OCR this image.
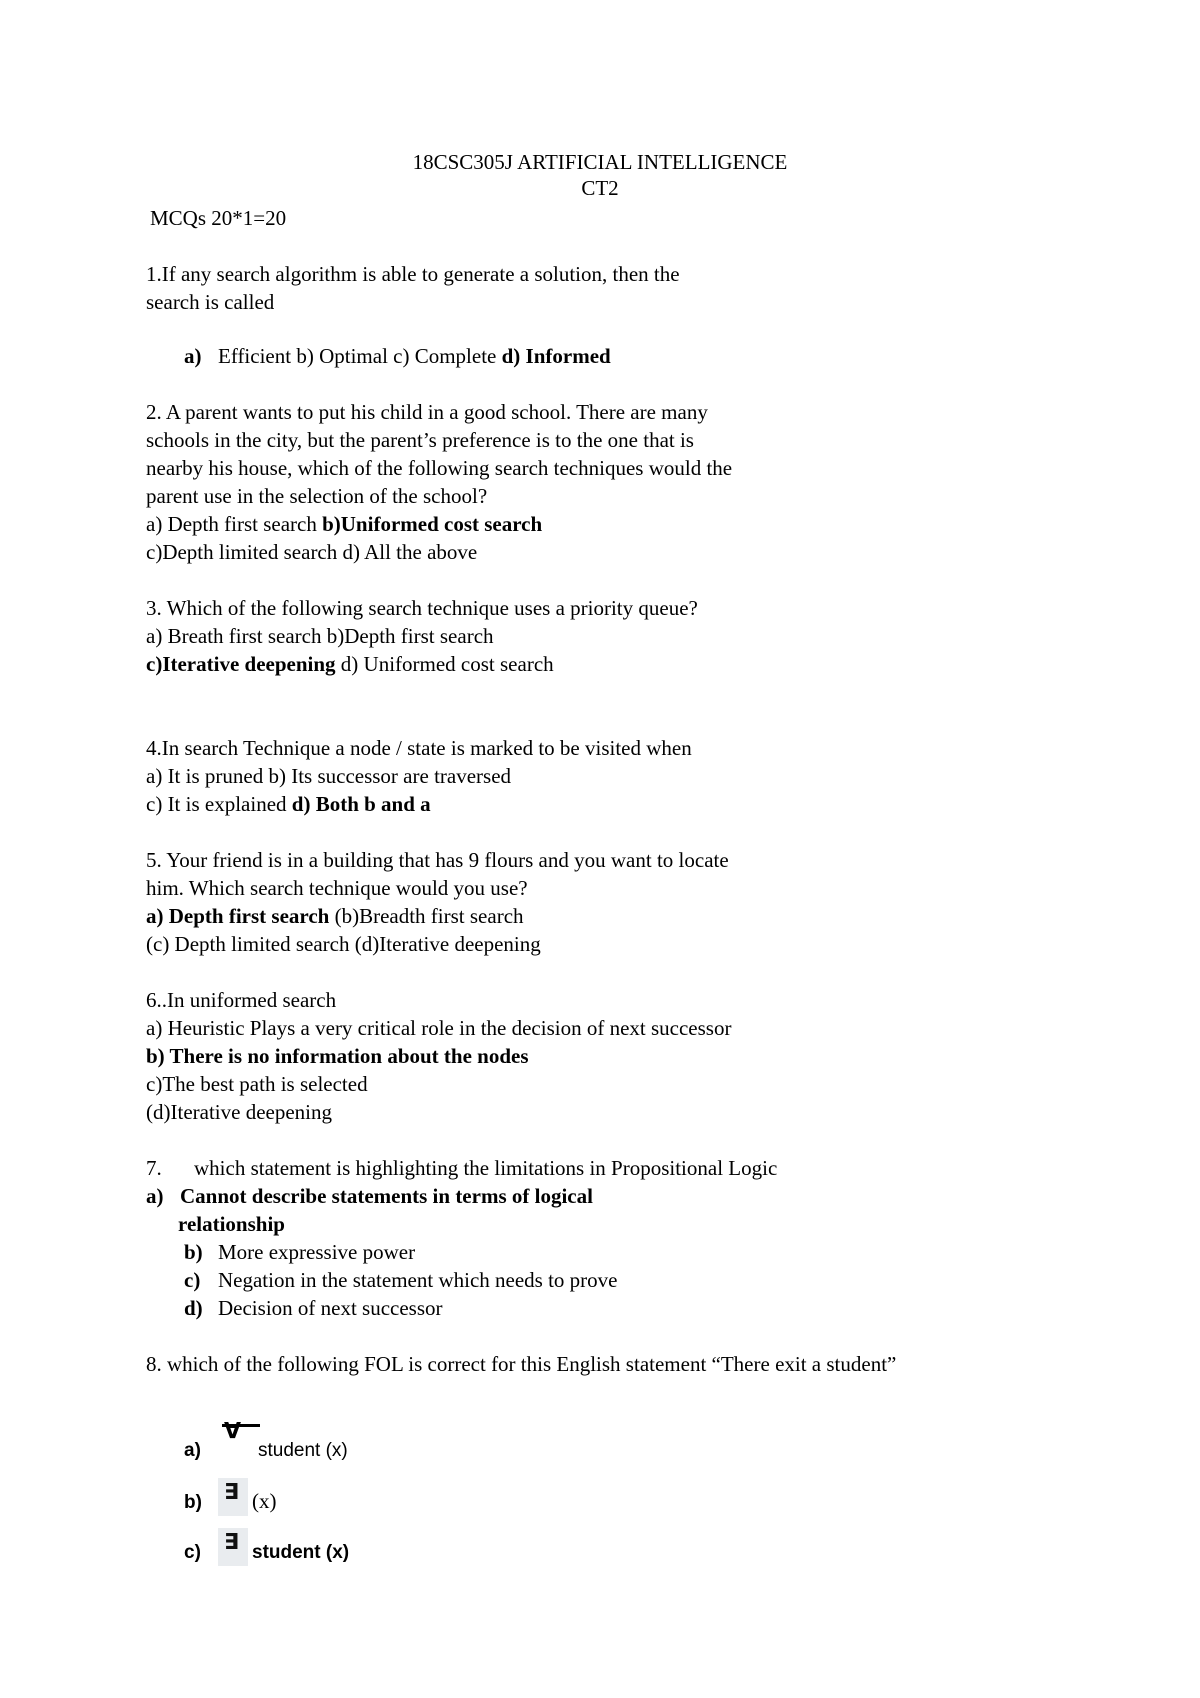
18CSC305J ARTIFICIAL INTELLIGENCE
CT2
MCQs 20*1=20
1.If any search algorithm is able to generate a solution, then the
search is called
a) Efficient b) Optimal c) Complete d) Informed
2. A parent wants to put his child in a good school. There are many
schools in the city, but the parent’s preference is to the one that is
nearby his house, which of the following search techniques would the
parent use in the selection of the school?
a) Depth first search b)Uniformed cost search
c)Depth limited search d) All the above
3. Which of the following search technique uses a priority queue?
a) Breath first search b)Depth first search
c)Iterative deepening d) Uniformed cost search
4.In search Technique a node / state is marked to be visited when
a) It is pruned b) Its successor are traversed
c) It is explained d) Both b and a
5. Your friend is in a building that has 9 flours and you want to locate
him. Which search technique would you use?
a) Depth first search (b)Breadth first search
(c) Depth limited search (d)Iterative deepening
6..In uniformed search
a) Heuristic Plays a very critical role in the decision of next successor
b) There is no information about the nodes
c)The best path is selected
(d)Iterative deepening
7. which statement is highlighting the limitations in Propositional Logic
a) Cannot describe statements in terms of logical
relationship
b) More expressive power
c) Negation in the statement which needs to prove
d) Decision of next successor
8. which of the following FOL is correct for this English statement “There exit a student”
a)
∀
student (x)
b) ∃ (x)
c) ∃ student (x)
